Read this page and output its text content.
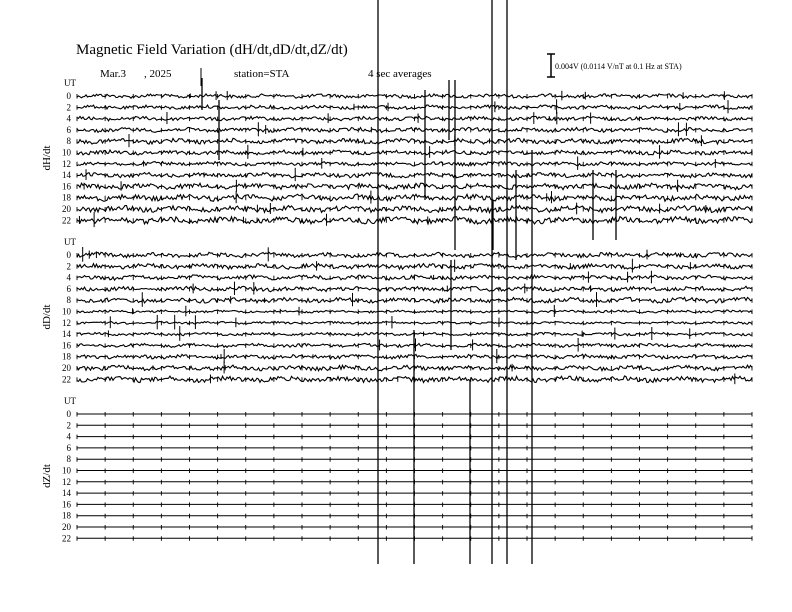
Magnetic Field Variation (dH/dt,dD/dt,dZ/dt)
Mar.3 , 2025	station=STA	4 sec averages
0.004V (0.0114 V/nT at 0.1 Hz at STA)
UT
dH/dt
0
2
4
6
8
10
12
14
16
18
20
22
UT
dD/dt
0
2
4
6
8
10
12
14
16
18
20
22
UT
dZ/dt
0
2
4
6
8
10
12
14
16
18
20
22
